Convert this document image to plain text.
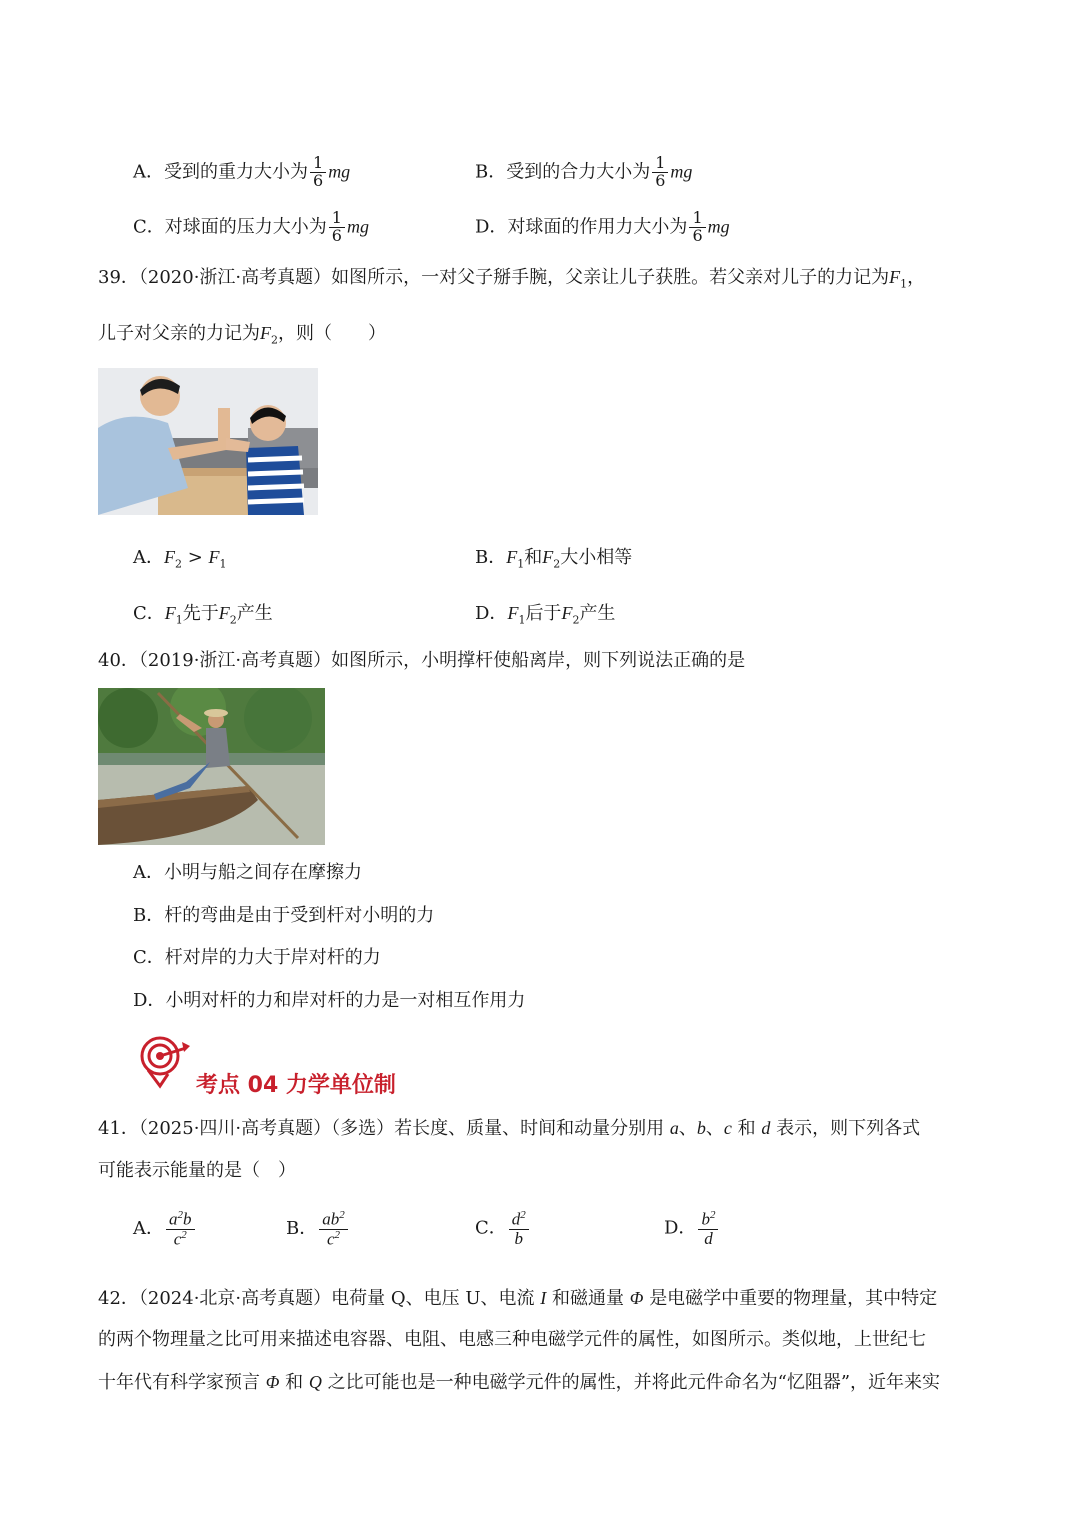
A．受到的重力大小为 $\frac{1}{6}$ mg	B．受到的合力大小为 $\frac{1}{6}$ mg
C．对球面的压力大小为 $\frac{1}{6}$ mg	D．对球面的作用力大小为 $\frac{1}{6}$ mg
39．（2020·浙江·高考真题）如图所示，一对父子掰手腕，父亲让儿子获胜。若父亲对儿子的力记为$F_1$，
儿子对父亲的力记为$F_2$，则（　　）
A．$F_2 > F_1$	B．$F_1$和$F_2$大小相等
C．$F_1$先于$F_2$产生	D．$F_1$后于$F_2$产生
40．（2019·浙江·高考真题）如图所示，小明撑杆使船离岸，则下列说法正确的是
A．小明与船之间存在摩擦力
B．杆的弯曲是由于受到杆对小明的力
C．杆对岸的力大于岸对杆的力
D．小明对杆的力和岸对杆的力是一对相互作用力
考点 04 力学单位制
41．（2025·四川·高考真题）（多选）若长度、质量、时间和动量分别用 a、b、c 和 d 表示，则下列各式
可能表示能量的是（　）
A． $\frac{a^2b}{c^2}$	B． $\frac{ab^2}{c^2}$	C． $\frac{d^2}{b}$	D． $\frac{b^2}{d}$
42．（2024·北京·高考真题）电荷量 Q、电压 U、电流 I 和磁通量 Φ 是电磁学中重要的物理量，其中特定
的两个物理量之比可用来描述电容器、电阻、电感三种电磁学元件的属性，如图所示。类似地，上世纪七
十年代有科学家预言 Φ 和 Q 之比可能也是一种电磁学元件的属性，并将此元件命名为“忆阻器”，近年来实
